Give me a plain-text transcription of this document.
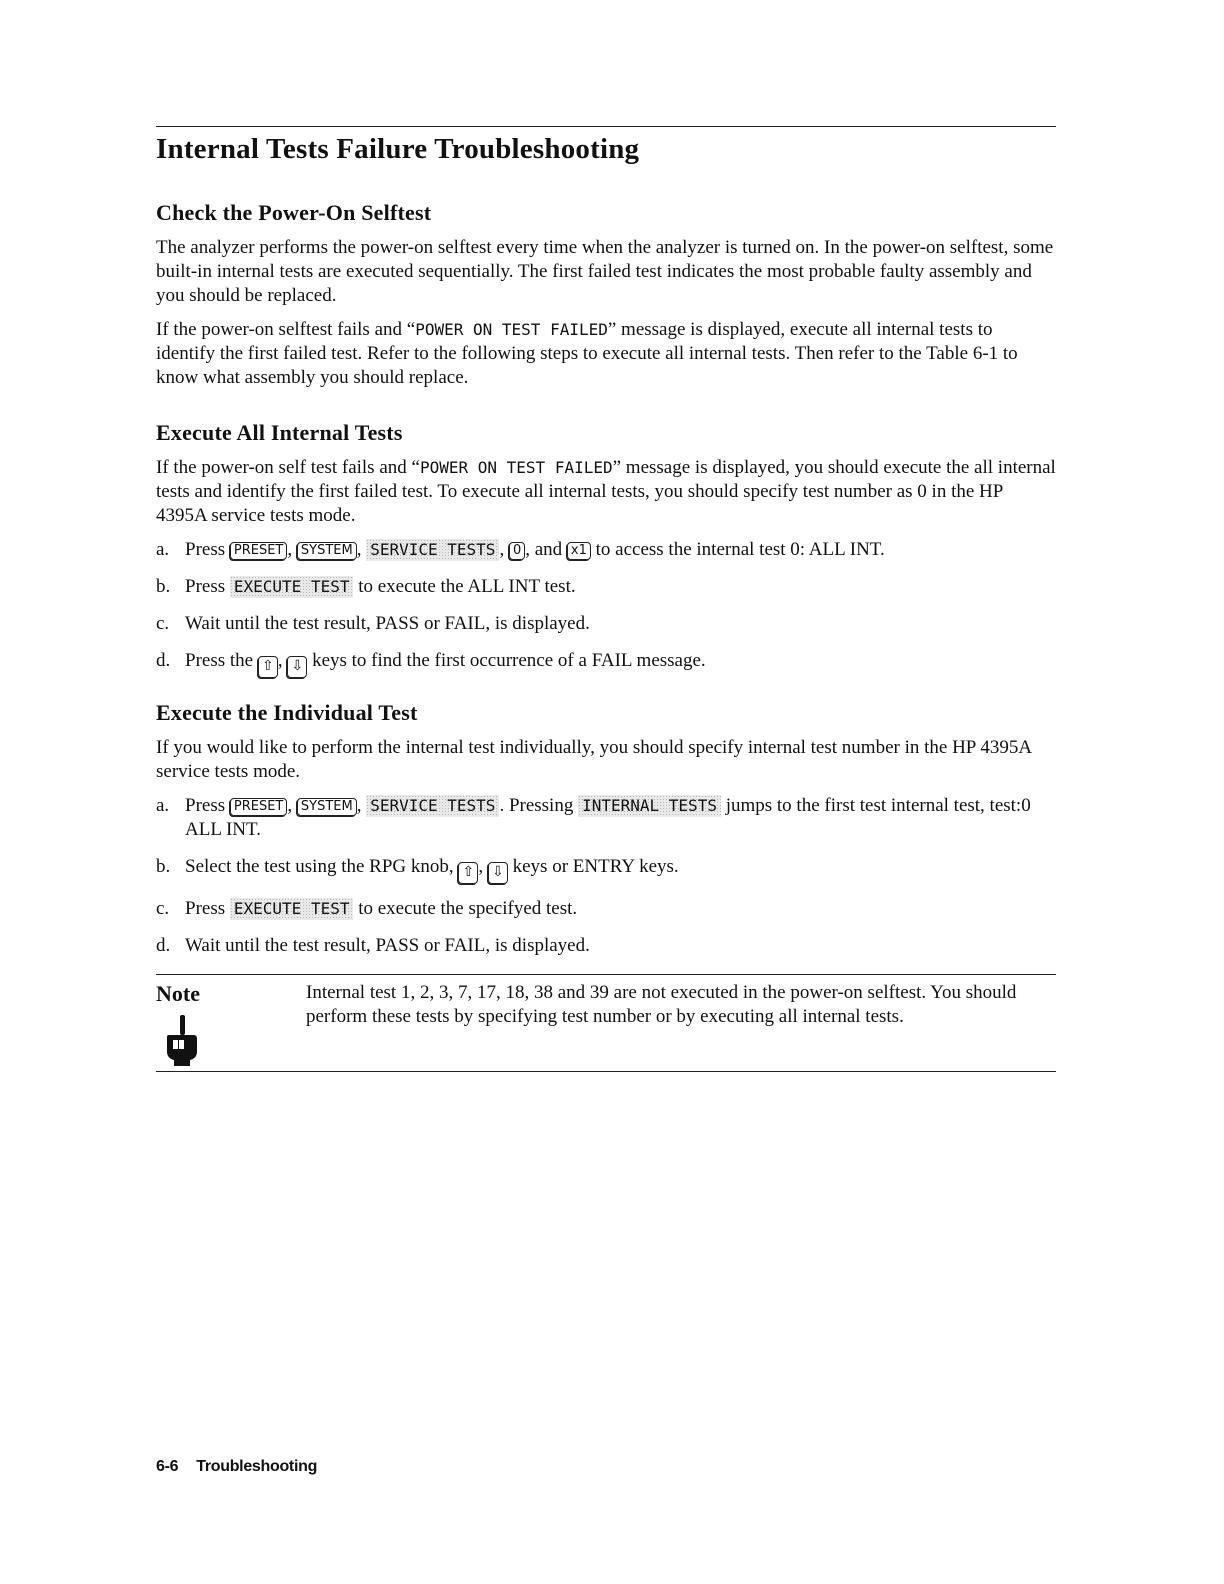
Internal Tests Failure Troubleshooting
Check the Power-On Selftest

The analyzer performs the power-on selftest every time when the analyzer is turned on. In the power-on selftest, some built-in internal tests are executed sequentially. The first failed test indicates the most probable faulty assembly and you should be replaced.

If the power-on selftest fails and “POWER ON TEST FAILED” message is displayed, execute all internal tests to identify the first failed test. Refer to the following steps to execute all internal tests. Then refer to the Table 6-1 to know what assembly you should replace.

Execute All Internal Tests

If the power-on self test fails and “POWER ON TEST FAILED” message is displayed, you should execute the all internal tests and identify the first failed test. To execute all internal tests, you should specify test number as 0 in the HP 4395A service tests mode.

a. Press PRESET , SYSTEM , SERVICE TESTS , 0 , and x1 to access the internal test 0: ALL INT.
b. Press EXECUTE TEST to execute the ALL INT test.
c. Wait until the test result, PASS or FAIL, is displayed.
d. Press the ⇧ , ⇩ keys to find the first occurrence of a FAIL message.
Execute the Individual Test

If you would like to perform the internal test individually, you should specify internal test number in the HP 4395A service tests mode.

a. Press PRESET , SYSTEM , SERVICE TESTS . Pressing INTERNAL TESTS jumps to the first test internal test, test:0 ALL INT.
b. Select the test using the RPG knob, ⇧ , ⇩ keys or ENTRY keys.
c. Press EXECUTE TEST to execute the specifyed test.
d. Wait until the test result, PASS or FAIL, is displayed.
Note	Internal test 1, 2, 3, 7, 17, 18, 38 and 39 are not executed in the power-on selftest. You should perform these tests by specifying test number or by executing all internal tests.
6-6 Troubleshooting
